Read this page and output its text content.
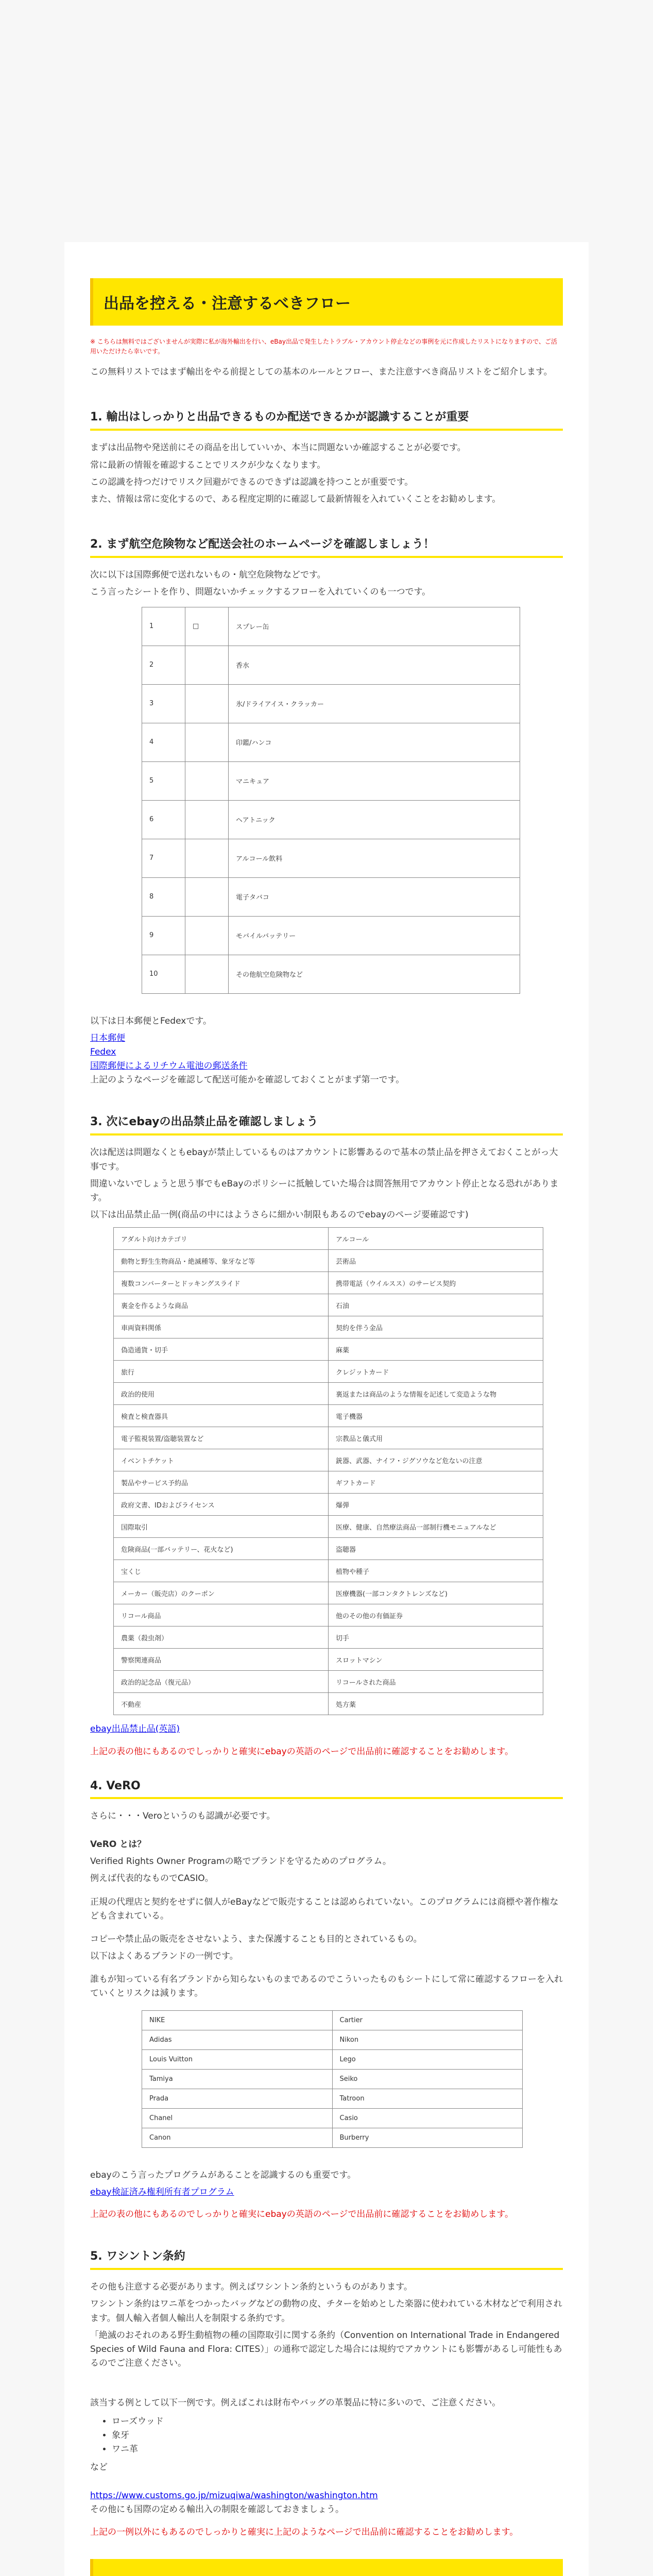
出品を控える・注意するべきフロー

※ こちらは無料ではございませんが実際に私が海外輸出を行い、eBay出品で発生したトラブル・アカウント停止などの事例を元に作成したリストになりますので、ご活用いただけたら幸いです。

この無料リストではまず輸出をやる前提としての基本のルールとフロー、また注意すべき商品リストをご紹介します。

1. 輸出はしっかりと出品できるものか配送できるかが認識することが重要

まずは出品物や発送前にその商品を出していいか、本当に問題ないか確認することが必要です。

常に最新の情報を確認することでリスクが少なくなります。

この認識を持つだけでリスク回避ができるのできずは認識を持つことが重要です。

また、情報は常に変化するので、ある程度定期的に確認して最新情報を入れていくことをお勧めします。

2. まず航空危険物など配送会社のホームページを確認しましょう！

次に以下は国際郵便で送れないもの・航空危険物などです。

こう言ったシートを作り、問題ないかチェックするフローを入れていくのも一つです。

1	□	スプレー缶
2		香水
3		氷/ドライアイス・クラッカー
4		印鑑/ハンコ
5		マニキュア
6		ヘアトニック
7		アルコール飲料
8		電子タバコ
9		モバイルバッテリー
10		その他航空危険物など

以下は日本郵便とFedexです。

日本郵便
Fedex
国際郵便によるリチウム電池の郵送条件

上記のようなページを確認して配送可能かを確認しておくことがまず第一です。

3. 次にebayの出品禁止品を確認しましょう

次は配送は問題なくともebayが禁止しているものはアカウントに影響あるので基本の禁止品を押さえておくことがっ大事です。

間違いないでしょうと思う事でもeBayのポリシーに抵触していた場合は間答無用でアカウント停止となる恐れがあります。

以下は出品禁止品一例(商品の中にはようさらに細かい制限もあるのでebayのページ要確認です)

アダルト向けカテゴリ	アルコール
動物と野生生物商品・絶滅種等、象牙など等	芸術品
複数コンバーターとドッキングスライド	携帯電話（ウイルスス）のサービス契約
裏金を作るような商品	石油
車両資料関係	契約を伴う金品
偽造通貨・切手	麻薬
旅行	クレジットカード
政治的使用	裏返または商品のような情報を記述して変造ような物
検査と検査器具	電子機器
電子監視装置/盗聴装置など	宗教品と儀式用
イベントチケット	銃器、武器、ナイフ・ジグソウなど危ないの注意
製品やサービス予約品	ギフトカード
政府文書、IDおよびライセンス	爆弾
国際取引	医療、健康、自然療法商品一部制行機モニュアルなど
危険商品(一部バッテリー、花火など)	盗聴器
宝くじ	植物や種子
メーカー（販売店）のクーポン	医療機器(一部コンタクトレンズなど)
リコール商品	他のその他の有価証券
農薬（殺虫剤）	切手
警察関連商品	スロットマシン
政治的記念品（復元品）	リコールされた商品
不動産	処方薬
ebay出品禁止品(英語)

上記の表の他にもあるのでしっかりと確実にebayの英語のページで出品前に確認することをお勧めします。

4. VeRO

さらに・・・Veroというのも認識が必要です。

VeRO とは？

Verified Rights Owner Programの略でブランドを守るためのプログラム。

例えば代表的なものでCASIO。

正規の代理店と契約をせずに個人がeBayなどで販売することは認められていない。このプログラムには商標や著作権なども含まれている。

コピーや禁止品の販売をさせないよう、また保護することも目的とされているもの。

以下はよくあるブランドの一例です。

誰もが知っている有名ブランドから知らないものまであるのでこういったものもシートにして常に確認するフローを入れていくとリスクは減ります。

NIKE	Cartier
Adidas	Nikon
Louis Vuitton	Lego
Tamiya	Seiko
Prada	Tatroon
Chanel	Casio
Canon	Burberry

ebayのこう言ったプログラムがあることを認識するのも重要です。

ebay検証済み権利所有者プログラム

上記の表の他にもあるのでしっかりと確実にebayの英語のページで出品前に確認することをお勧めします。

5. ワシントン条約

その他も注意する必要があります。例えばワシントン条約というものがあります。

ワシントン条約はワニ革をつかったバッグなどの動物の皮、チターを始めとした楽器に使われている木材などで利用されます。個人輸入者個人輸出人を制限する条約です。

「絶滅のおそれのある野生動植物の種の国際取引に関する条約（Convention on International Trade in Endangered Species of Wild Fauna and Flora: CITES）」の通称で認定した場合には規約でアカウントにも影響があるし可能性もあるのでご注意ください。

該当する例として以下一例です。例えばこれは財布やバッグの革製品に特に多いので、ご注意ください。

• ローズウッド
• 象牙
• ワニ革

など

https://www.customs.go.jp/mizuqiwa/washington/washington.htm

その他にも国際の定める輸出入の制限を確認しておきましょう。

上記の一例以外にもあるのでしっかりと確実に上記のようなページで出品前に確認することをお勧めします。
